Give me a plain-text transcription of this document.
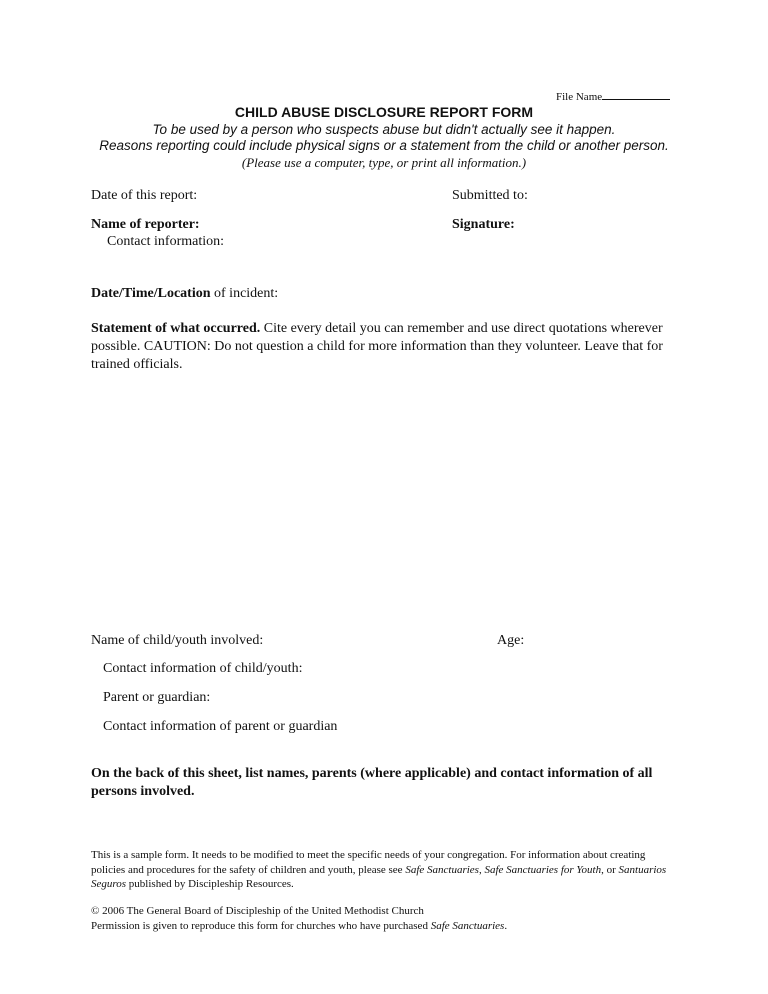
File Name
CHILD ABUSE DISCLOSURE REPORT FORM
To be used by a person who suspects abuse but didn't actually see it happen.
Reasons reporting could include physical signs or a statement from the child or another person.
(Please use a computer, type, or print all information.)
Date of this report:	Submitted to:
Name of reporter:	Signature:
Contact information:
Date/Time/Location of incident:
Statement of what occurred. Cite every detail you can remember and use direct quotations wherever possible. CAUTION: Do not question a child for more information than they volunteer. Leave that for trained officials.
Name of child/youth involved:	Age:
Contact information of child/youth:
Parent or guardian:
Contact information of parent or guardian
On the back of this sheet, list names, parents (where applicable) and contact information of all persons involved.
This is a sample form. It needs to be modified to meet the specific needs of your congregation. For information about creating policies and procedures for the safety of children and youth, please see Safe Sanctuaries, Safe Sanctuaries for Youth, or Santuarios Seguros published by Discipleship Resources.
© 2006 The General Board of Discipleship of the United Methodist Church
Permission is given to reproduce this form for churches who have purchased Safe Sanctuaries.
